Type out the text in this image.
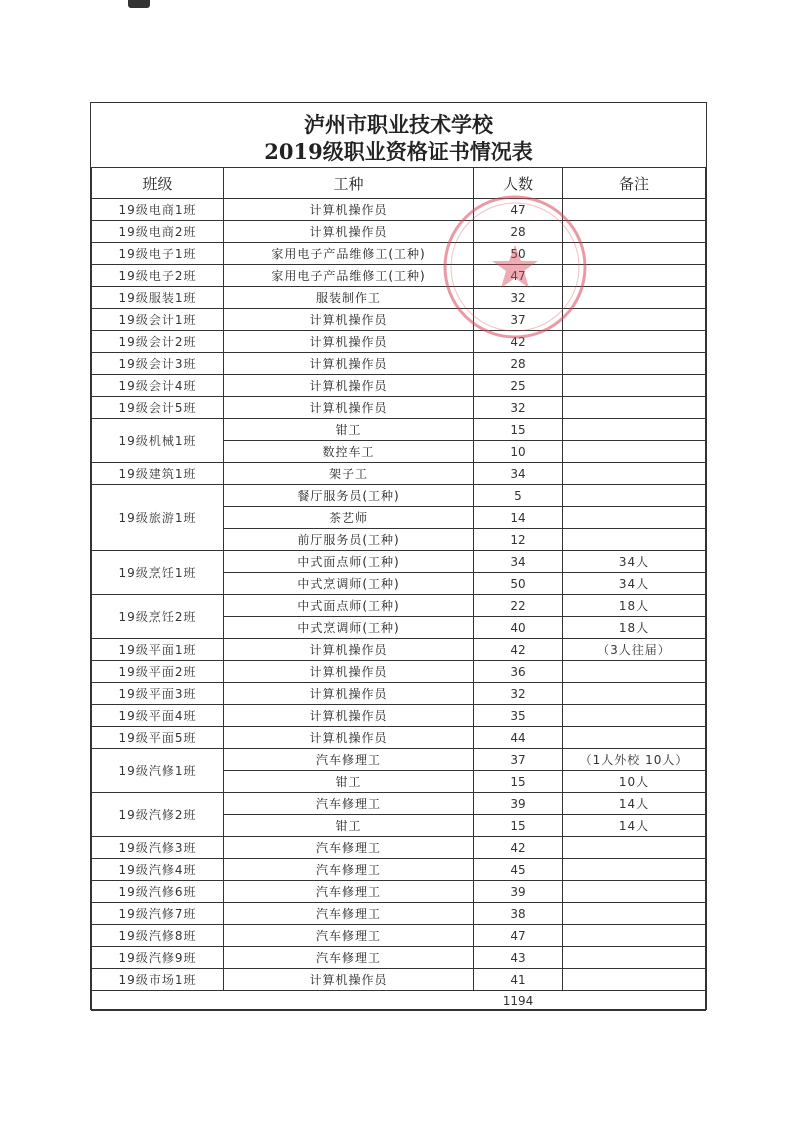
泸州市职业技术学校
2019级职业资格证书情况表
班级	工种	人数	备注
19级电商1班	计算机操作员	47	
19级电商2班	计算机操作员	28	
19级电子1班	家用电子产品维修工(工种)	50	
19级电子2班	家用电子产品维修工(工种)	47	
19级服装1班	服装制作工	32	
19级会计1班	计算机操作员	37	
19级会计2班	计算机操作员	42	
19级会计3班	计算机操作员	28	
19级会计4班	计算机操作员	25	
19级会计5班	计算机操作员	32	
19级机械1班	钳工	15	
	数控车工	10	
19级建筑1班	架子工	34	
19级旅游1班	餐厅服务员(工种)	5	
	茶艺师	14	
	前厅服务员(工种)	12	
19级烹饪1班	中式面点师(工种)	34	34人
	中式烹调师(工种)	50	34人
19级烹饪2班	中式面点师(工种)	22	18人
	中式烹调师(工种)	40	18人
19级平面1班	计算机操作员	42	（3人往届）
19级平面2班	计算机操作员	36	
19级平面3班	计算机操作员	32	
19级平面4班	计算机操作员	35	
19级平面5班	计算机操作员	44	
19级汽修1班	汽车修理工	37	（1人外校 10人）
	钳工	15	10人
19级汽修2班	汽车修理工	39	14人
	钳工	15	14人
19级汽修3班	汽车修理工	42	
19级汽修4班	汽车修理工	45	
19级汽修6班	汽车修理工	39	
19级汽修7班	汽车修理工	38	
19级汽修8班	汽车修理工	47	
19级汽修9班	汽车修理工	43	
19级市场1班	计算机操作员	41	
		1194	
